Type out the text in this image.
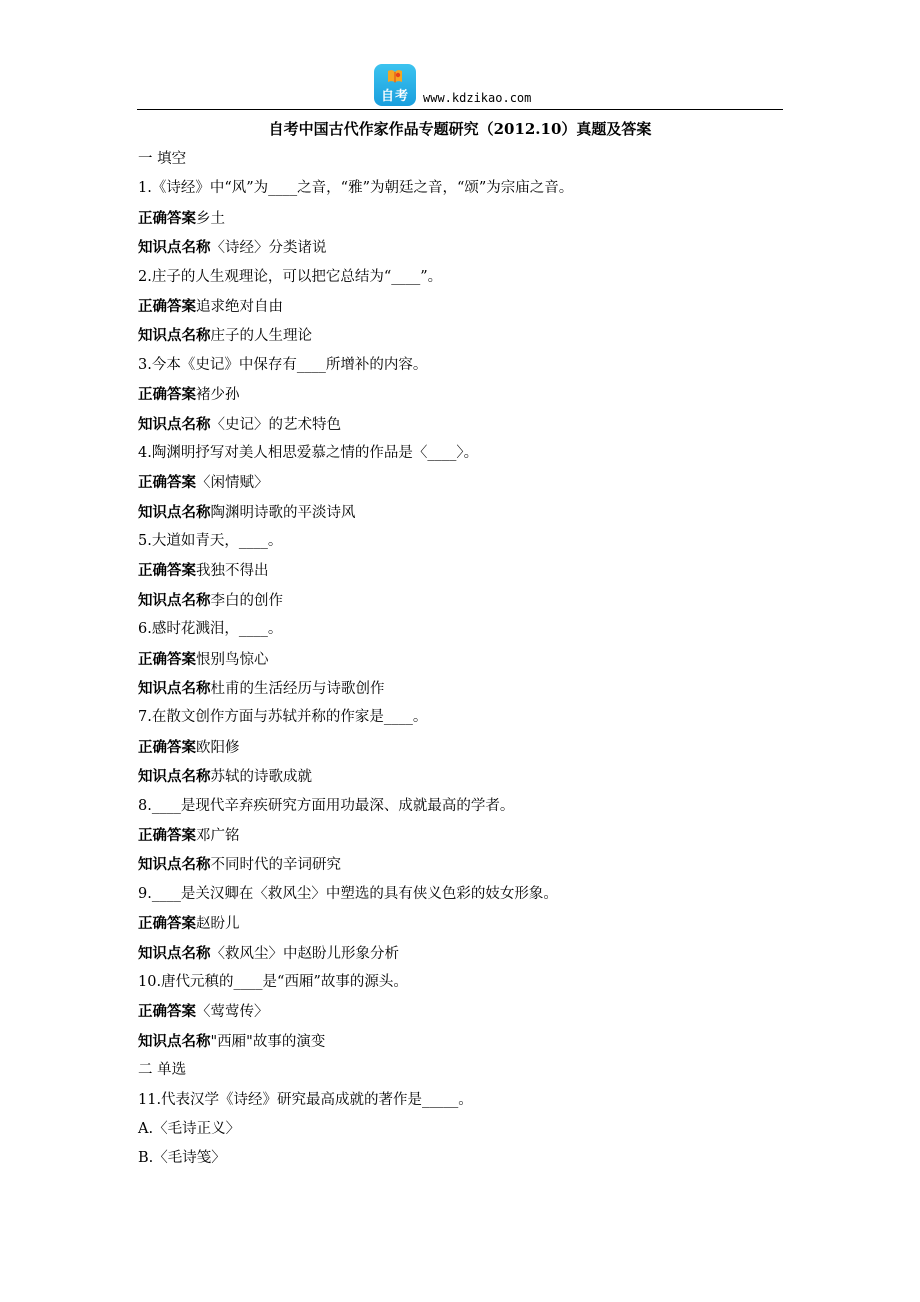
自考	www.kdzikao.com
自考中国古代作家作品专题研究（2012.10）真题及答案
一 填空
1.《诗经》中“风”为____之音，“雅”为朝廷之音，“颂”为宗庙之音。
正确答案乡土
知识点名称〈诗经〉分类诸说
2.庄子的人生观理论，可以把它总结为“____”。
正确答案追求绝对自由
知识点名称庄子的人生理论
3.今本《史记》中保存有____所增补的内容。
正确答案褚少孙
知识点名称〈史记〉的艺术特色
4.陶渊明抒写对美人相思爱慕之情的作品是〈____〉。
正确答案〈闲情赋〉
知识点名称陶渊明诗歌的平淡诗风
5.大道如青天，____。
正确答案我独不得出
知识点名称李白的创作
6.感时花溅泪，____。
正确答案恨别鸟惊心
知识点名称杜甫的生活经历与诗歌创作
7.在散文创作方面与苏轼并称的作家是____。
正确答案欧阳修
知识点名称苏轼的诗歌成就
8.____是现代辛弃疾研究方面用功最深、成就最高的学者。
正确答案邓广铭
知识点名称不同时代的辛词研究
9.____是关汉卿在〈救风尘〉中塑选的具有侠义色彩的妓女形象。
正确答案赵盼儿
知识点名称〈救风尘〉中赵盼儿形象分析
10.唐代元稹的____是“西厢”故事的源头。
正确答案〈莺莺传〉
知识点名称"西厢"故事的演变
二 单选
11.代表汉学《诗经》研究最高成就的著作是_____。
A.〈毛诗正义〉
B.〈毛诗笺〉
